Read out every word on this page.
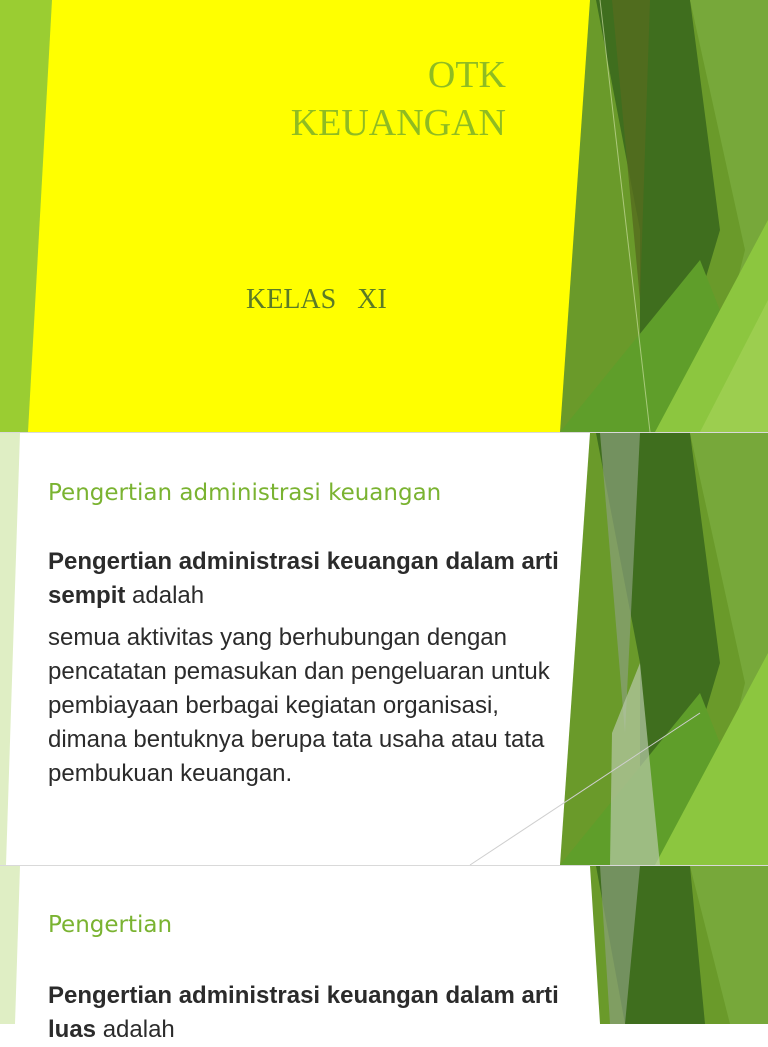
OTK
KEUANGAN
KELAS   XI
Pengertian administrasi keuangan
Pengertian administrasi keuangan dalam arti sempit adalah
semua aktivitas yang berhubungan dengan pencatatan pemasukan dan pengeluaran untuk pembiayaan berbagai kegiatan organisasi, dimana bentuknya berupa tata usaha atau tata pembukuan keuangan.
Pengertian
Pengertian administrasi keuangan dalam arti
luas adalah
